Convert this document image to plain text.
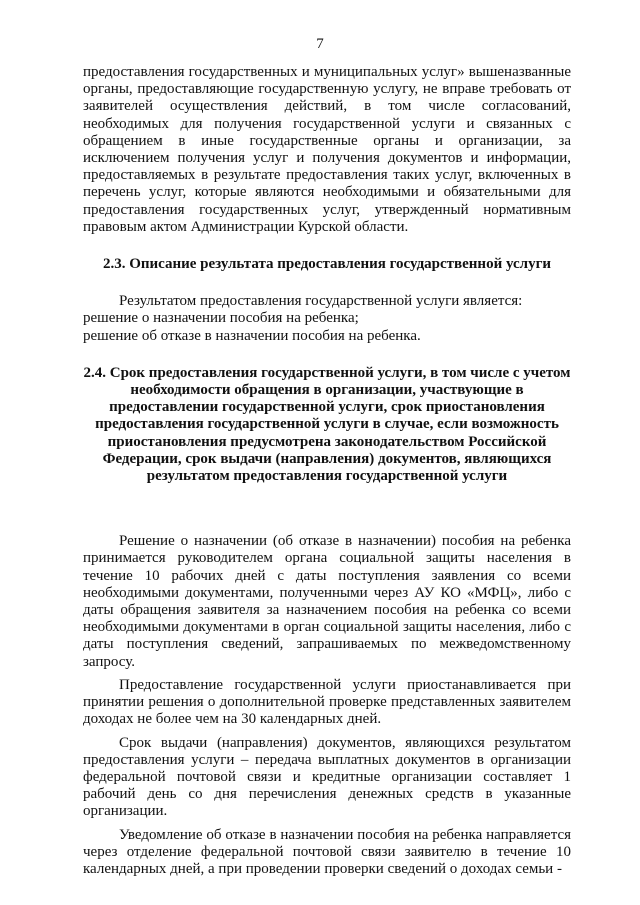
7

предоставления государственных и муниципальных услуг» вышеназванные органы, предоставляющие государственную услугу, не вправе требовать от заявителей осуществления действий, в том числе согласований, необходимых для получения государственной услуги и связанных с обращением в иные государственные органы и организации, за исключением получения услуг и получения документов и информации, предоставляемых в результате предоставления таких услуг, включенных в перечень услуг, которые являются необходимыми и обязательными для предоставления государственных услуг, утвержденный нормативным правовым актом Администрации Курской области.

2.3. Описание результата предоставления государственной услуги

Результатом предоставления государственной услуги является:

решение о назначении пособия на ребенка;

решение об отказе в назначении пособия на ребенка.

2.4. Срок предоставления государственной услуги, в том числе с учетом необходимости обращения в организации, участвующие в предоставлении государственной услуги, срок приостановления предоставления государственной услуги в случае, если возможность приостановления предусмотрена законодательством Российской Федерации, срок выдачи (направления) документов, являющихся результатом предоставления государственной услуги

Решение о назначении (об отказе в назначении) пособия на ребенка принимается руководителем органа социальной защиты населения в течение 10 рабочих дней с даты поступления заявления со всеми необходимыми документами, полученными через АУ КО «МФЦ», либо с даты обращения заявителя за назначением пособия на ребенка со всеми необходимыми документами в орган социальной защиты населения, либо с даты поступления сведений, запрашиваемых по межведомственному запросу.

Предоставление государственной услуги приостанавливается при принятии решения о дополнительной проверке представленных заявителем доходах не более чем на 30 календарных дней.

Срок выдачи (направления) документов, являющихся результатом предоставления услуги – передача выплатных документов в организации федеральной почтовой связи и кредитные организации составляет 1 рабочий день со дня перечисления денежных средств в указанные организации.

Уведомление об отказе в назначении пособия на ребенка направляется через отделение федеральной почтовой связи заявителю в течение 10 календарных дней, а при проведении проверки сведений о доходах семьи -
